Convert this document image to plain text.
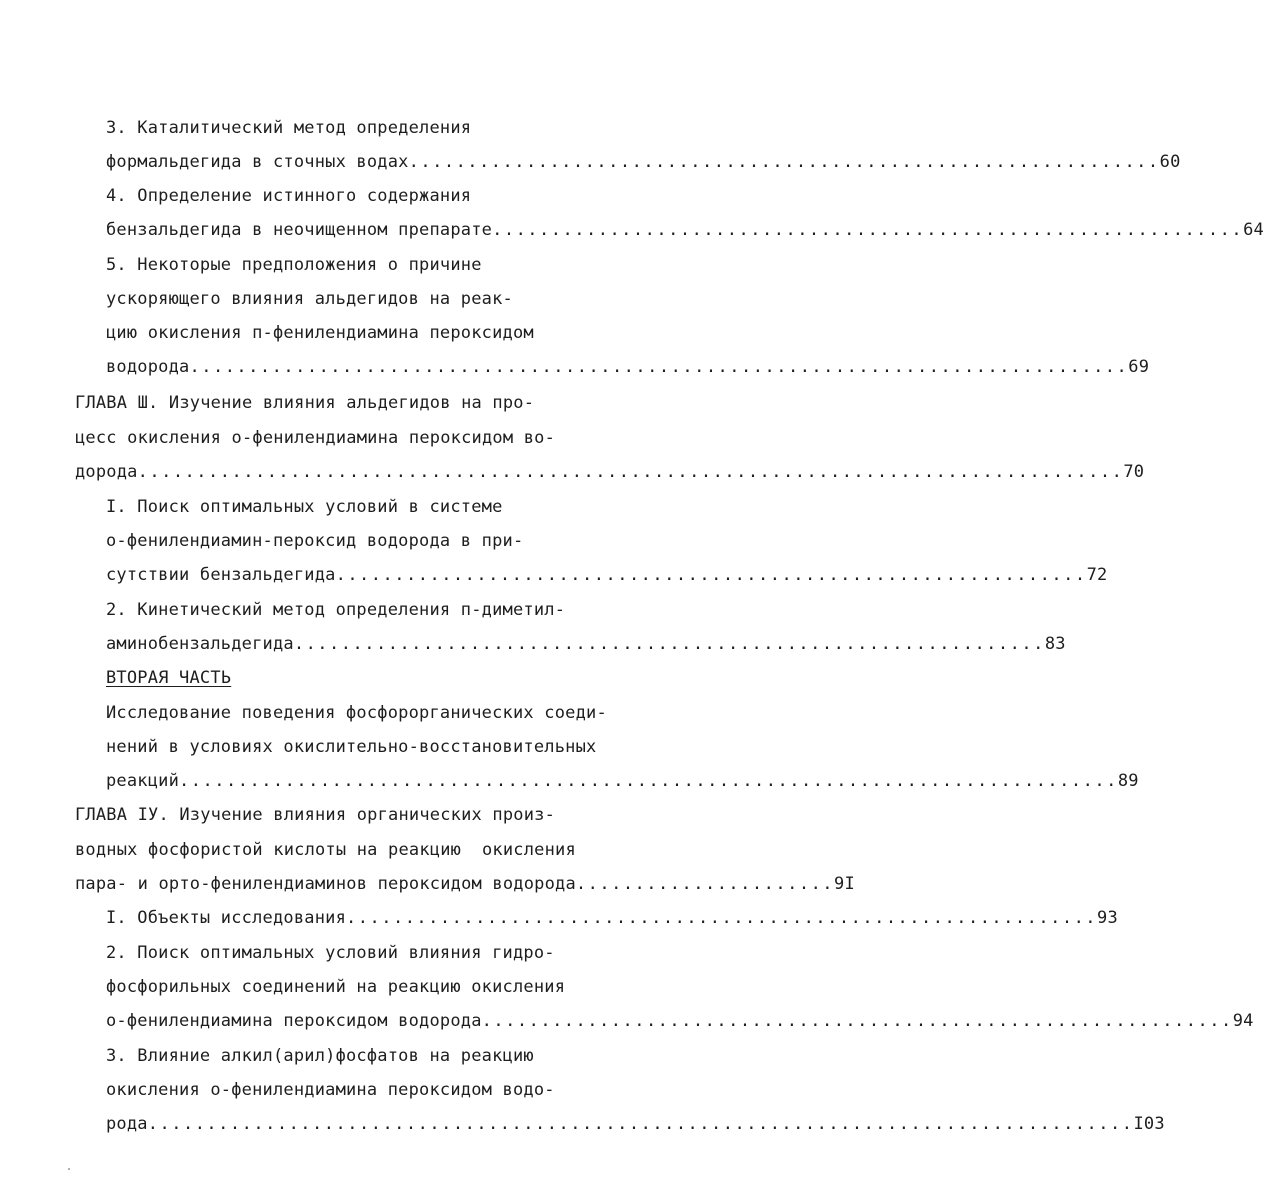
3. Каталитический метод определения
формальдегида в сточных водах ................................................................ 60
4. Определение истинного содержания
бензальдегида в неочищенном препарате ................................................................ 64
5. Некоторые предположения о причине
ускоряющего влияния альдегидов на реак-
цию окисления п-фенилендиамина пероксидом
водорода ................................................................................ 69
ГЛАВА Ш. Изучение влияния альдегидов на про-
цесс окисления о-фенилендиамина пероксидом во-
дорода .................................................................................... 70
I. Поиск оптимальных условий в системе
о-фенилендиамин-пероксид водорода в при-
сутствии бензальдегида ................................................................ 72
2. Кинетический метод определения п-диметил-
аминобензальдегида ................................................................ 83
ВТОРАЯ ЧАСТЬ
Исследование поведения фосфорорганических соеди-
нений в условиях окислительно-восстановительных
реакций ................................................................................ 89
ГЛАВА IУ. Изучение влияния органических произ-
водных фосфористой кислоты на реакцию  окисления
пара- и орто-фенилендиаминов пероксидом водорода ...................... 9I
I. Объекты исследования ................................................................ 93
2. Поиск оптимальных условий влияния гидро-
фосфорильных соединений на реакцию окисления
о-фенилендиамина пероксидом водорода ................................................................ 94
3. Влияние алкил(арил)фосфатов на реакцию
окисления о-фенилендиамина пероксидом водо-
рода .................................................................................... I03
